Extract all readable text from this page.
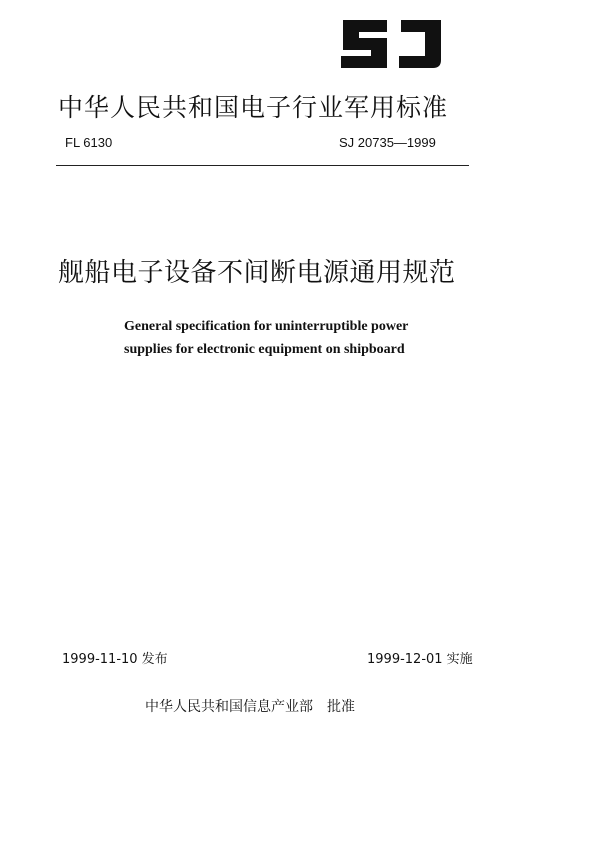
中华人民共和国电子行业军用标准
FL 6130	SJ 20735—1999
舰船电子设备不间断电源通用规范
General specification for uninterruptible power
supplies for electronic equipment on shipboard
1999-11-10 发布	1999-12-01 实施
中华人民共和国信息产业部 批准
